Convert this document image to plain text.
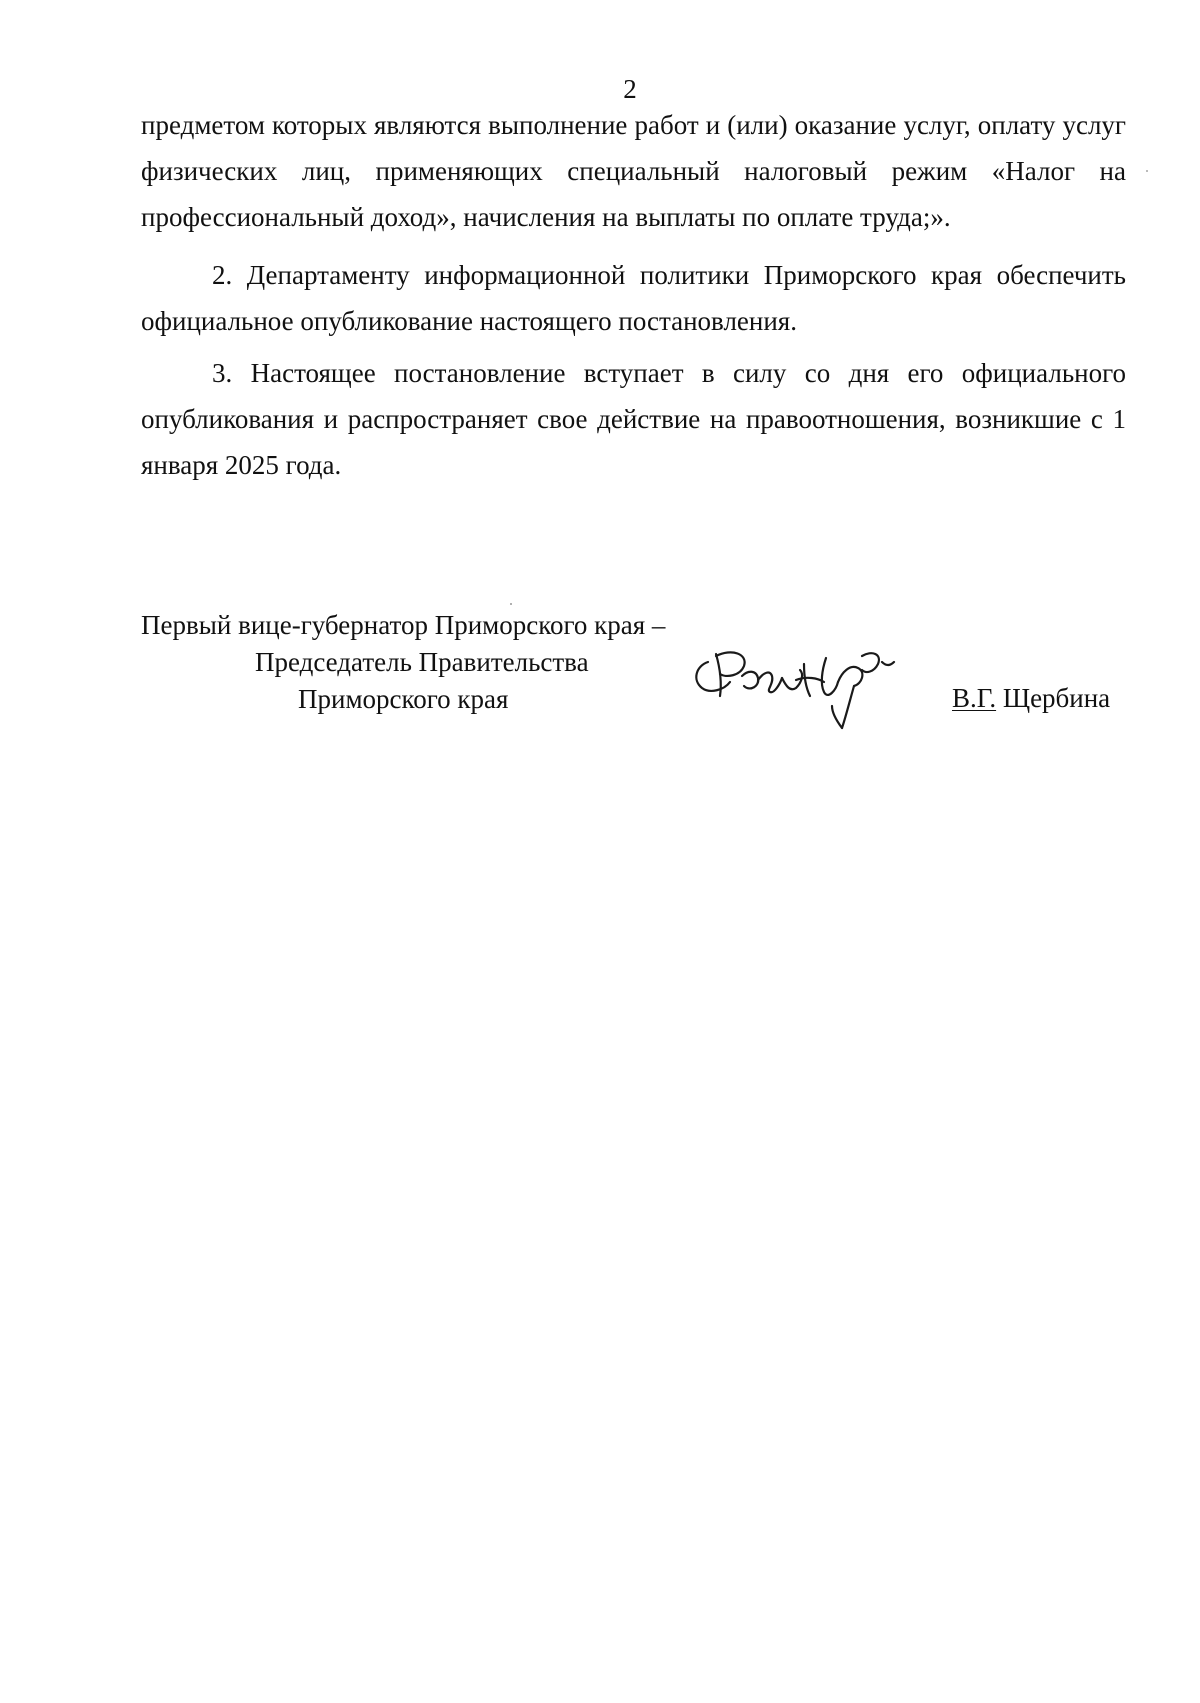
2

предметом которых являются выполнение работ и (или) оказание услуг, оплату услуг физических лиц, применяющих специальный налоговый режим «Налог на профессиональный доход», начисления на выплаты по оплате труда;».

2. Департаменту информационной политики Приморского края обеспечить официальное опубликование настоящего постановления.

3. Настоящее постановление вступает в силу со дня его официального опубликования и распространяет свое действие на правоотношения, возникшие с 1 января 2025 года.

Первый вице-губернатор Приморского края –
Председатель Правительства
Приморского края	В.Г. Щербина
